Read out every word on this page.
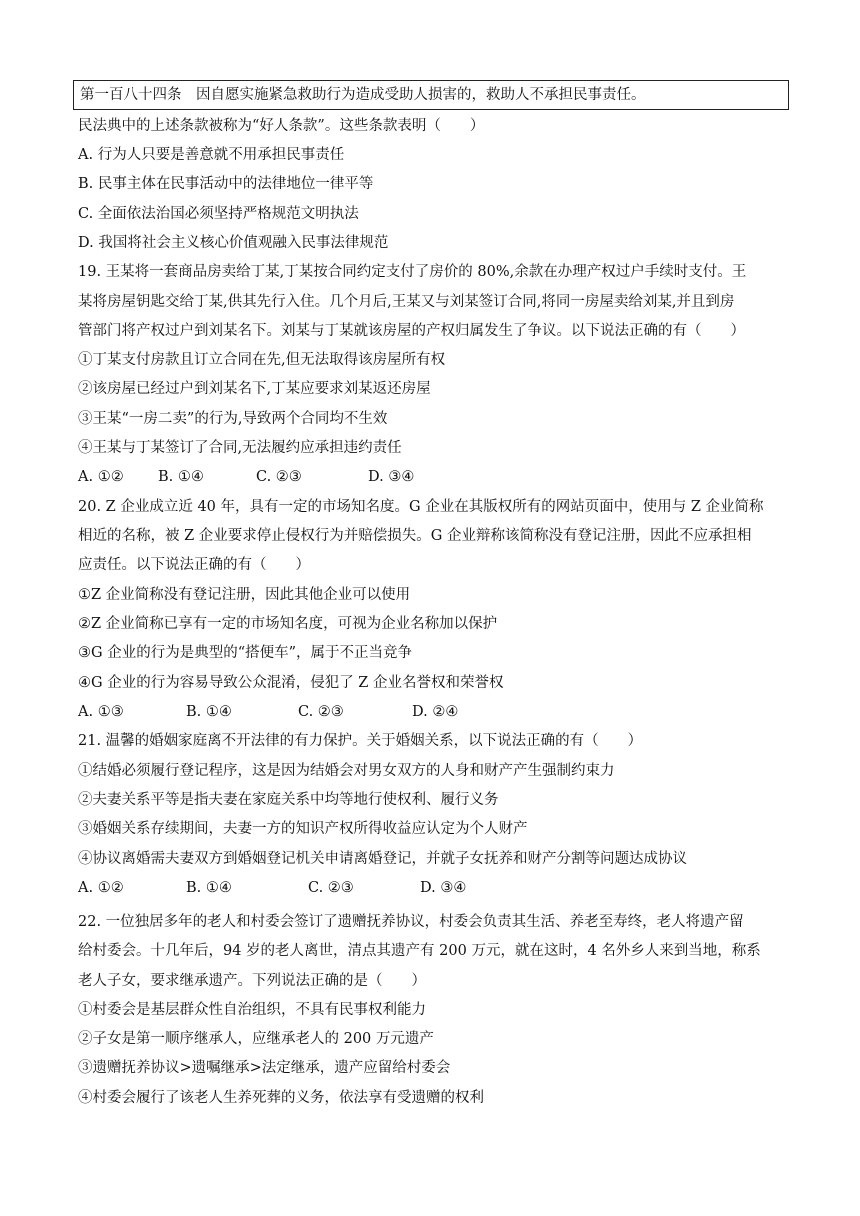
第一百八十四条　因自愿实施紧急救助行为造成受助人损害的，救助人不承担民事责任。
民法典中的上述条款被称为“好人条款”。这些条款表明（　　）
A. 行为人只要是善意就不用承担民事责任
B. 民事主体在民事活动中的法律地位一律平等
C. 全面依法治国必须坚持严格规范文明执法
D. 我国将社会主义核心价值观融入民事法律规范
19. 王某将一套商品房卖给丁某,丁某按合同约定支付了房价的 80%,余款在办理产权过户手续时支付。王
某将房屋钥匙交给丁某,供其先行入住。几个月后,王某又与刘某签订合同,将同一房屋卖给刘某,并且到房
管部门将产权过户到刘某名下。刘某与丁某就该房屋的产权归属发生了争议。以下说法正确的有（　　）
①丁某支付房款且订立合同在先,但无法取得该房屋所有权
②该房屋已经过户到刘某名下,丁某应要求刘某返还房屋
③王某“一房二卖”的行为,导致两个合同均不生效
④王某与丁某签订了合同,无法履约应承担违约责任
A. ①② B. ①④	C. ②③	D. ③④
20. Z 企业成立近 40 年，具有一定的市场知名度。G 企业在其版权所有的网站页面中，使用与 Z 企业简称
相近的名称，被 Z 企业要求停止侵权行为并赔偿损失。G 企业辩称该简称没有登记注册，因此不应承担相
应责任。以下说法正确的有（　　）
①Z 企业简称没有登记注册，因此其他企业可以使用
②Z 企业简称已享有一定的市场知名度，可视为企业名称加以保护
③G 企业的行为是典型的“搭便车”，属于不正当竞争
④G 企业的行为容易导致公众混淆，侵犯了 Z 企业名誉权和荣誉权
A. ①③	B. ①④	C. ②③	D. ②④
21. 温馨的婚姻家庭离不开法律的有力保护。关于婚姻关系，以下说法正确的有（　　）
①结婚必须履行登记程序，这是因为结婚会对男女双方的人身和财产产生强制约束力
②夫妻关系平等是指夫妻在家庭关系中均等地行使权利、履行义务
③婚姻关系存续期间，夫妻一方的知识产权所得收益应认定为个人财产
④协议离婚需夫妻双方到婚姻登记机关申请离婚登记，并就子女抚养和财产分割等问题达成协议
A. ①②	B. ①④	C. ②③	D. ③④
22. 一位独居多年的老人和村委会签订了遗赠抚养协议，村委会负责其生活、养老至寿终，老人将遗产留
给村委会。十几年后，94 岁的老人离世，清点其遗产有 200 万元，就在这时，4 名外乡人来到当地，称系
老人子女，要求继承遗产。下列说法正确的是（　　）
①村委会是基层群众性自治组织，不具有民事权利能力
②子女是第一顺序继承人，应继承老人的 200 万元遗产
③遗赠抚养协议>遗嘱继承>法定继承，遗产应留给村委会
④村委会履行了该老人生养死葬的义务，依法享有受遗赠的权利
